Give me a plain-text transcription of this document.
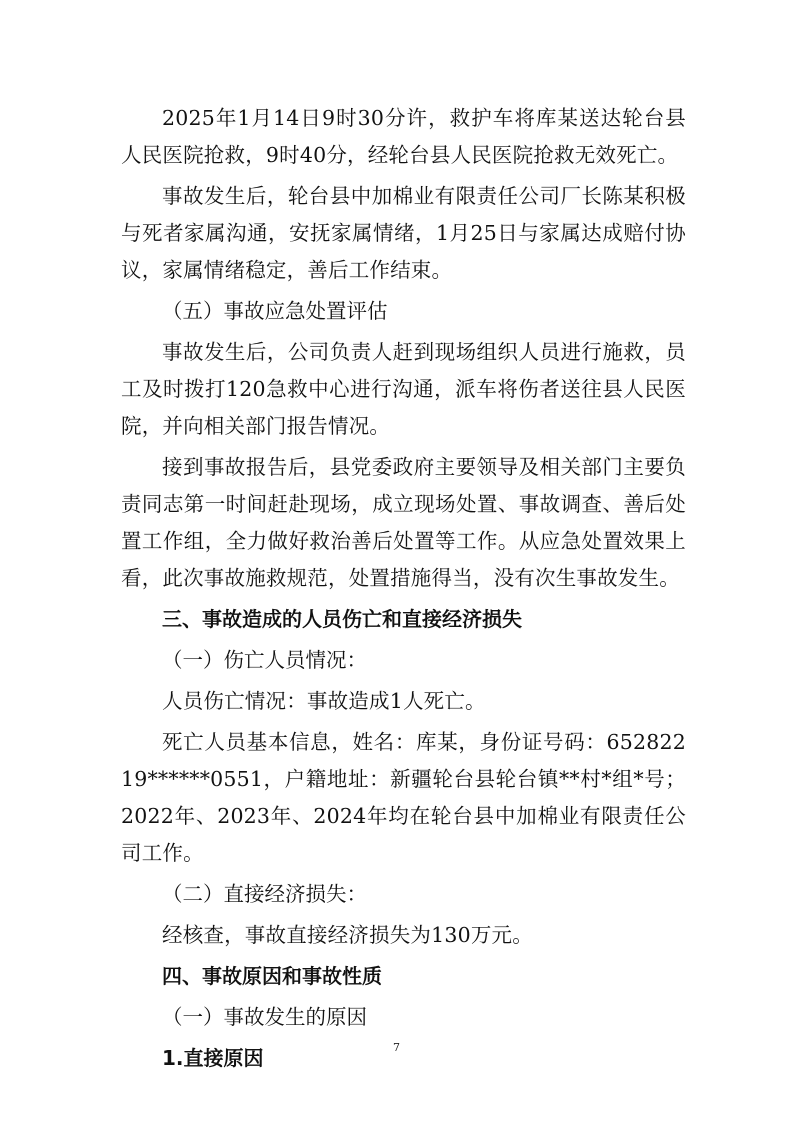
2025年1月14日9时30分许，救护车将库某送达轮台县人民医院抢救，9时40分，经轮台县人民医院抢救无效死亡。

事故发生后，轮台县中加棉业有限责任公司厂长陈某积极与死者家属沟通，安抚家属情绪，1月25日与家属达成赔付协议，家属情绪稳定，善后工作结束。

（五）事故应急处置评估

事故发生后，公司负责人赶到现场组织人员进行施救，员工及时拨打120急救中心进行沟通，派车将伤者送往县人民医院，并向相关部门报告情况。

接到事故报告后，县党委政府主要领导及相关部门主要负责同志第一时间赶赴现场，成立现场处置、事故调查、善后处置工作组，全力做好救治善后处置等工作。从应急处置效果上看，此次事故施救规范，处置措施得当，没有次生事故发生。

三、事故造成的人员伤亡和直接经济损失

（一）伤亡人员情况：

人员伤亡情况：事故造成1人死亡。

死亡人员基本信息，姓名：库某，身份证号码：65282219******0551，户籍地址：新疆轮台县轮台镇**村*组*号；2022年、2023年、2024年均在轮台县中加棉业有限责任公司工作。

（二）直接经济损失：

经核查，事故直接经济损失为130万元。

四、事故原因和事故性质

（一）事故发生的原因

1.直接原因	7
